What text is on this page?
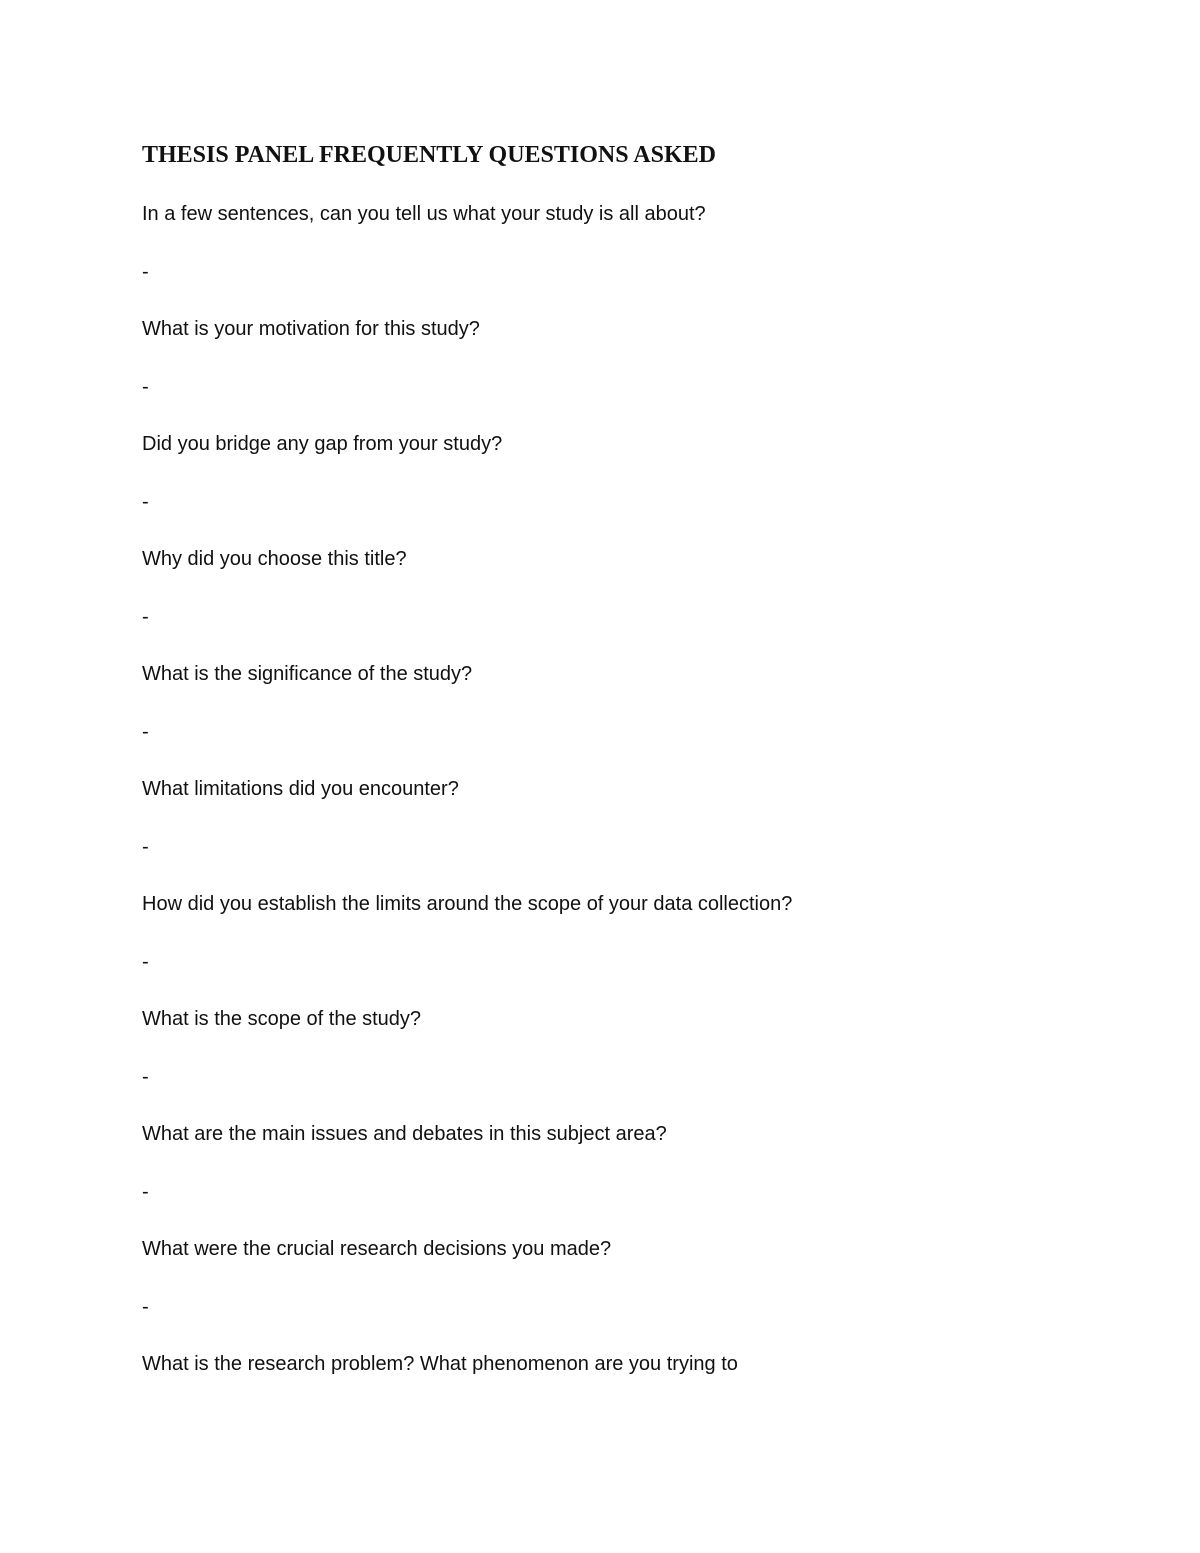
THESIS PANEL FREQUENTLY QUESTIONS ASKED
In a few sentences, can you tell us what your study is all about?
-
What is your motivation for this study?
-
Did you bridge any gap from your study?
-
Why did you choose this title?
-
What is the significance of the study?
-
What limitations did you encounter?
-
How did you establish the limits around the scope of your data collection?
-
What is the scope of the study?
-
What are the main issues and debates in this subject area?
-
What were the crucial research decisions you made?
-
What is the research problem? What phenomenon are you trying to
